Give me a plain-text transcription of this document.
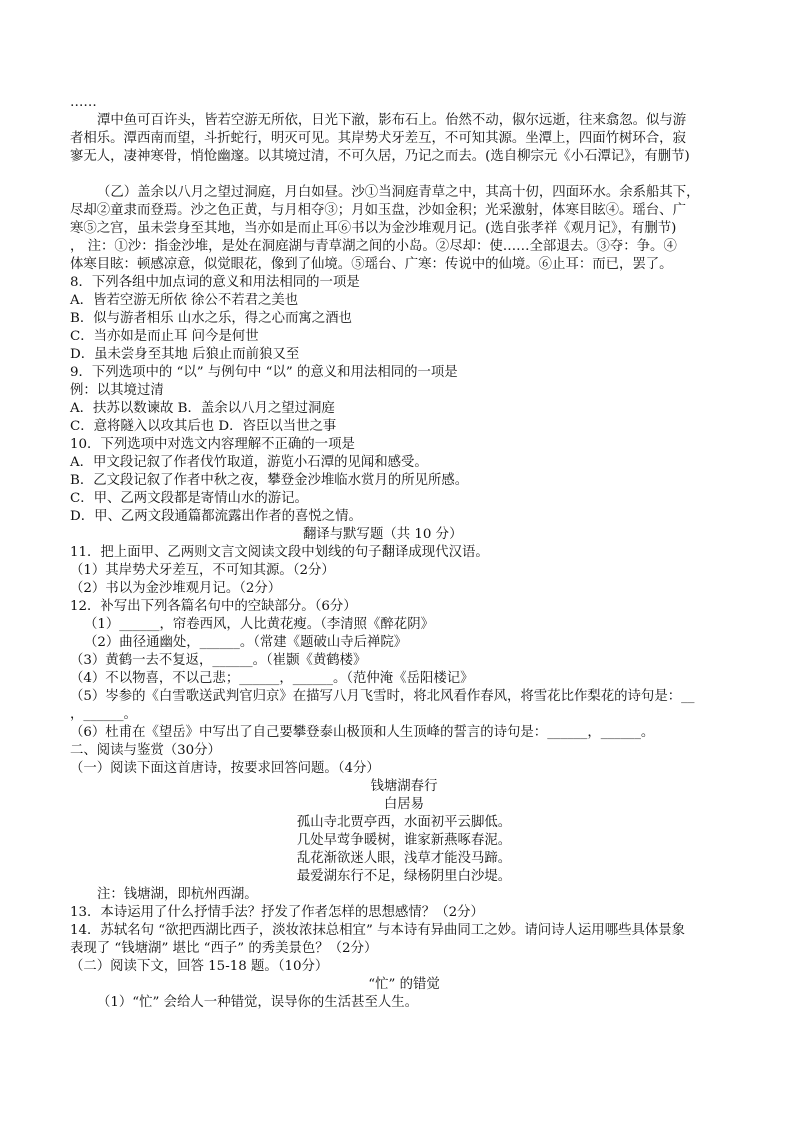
……
潭中鱼可百许头，皆若空游无所依，日光下澈，影布石上。佁然不动，俶尔远逝，往来翕忽。似与游
者相乐。潭西南而望，斗折蛇行，明灭可见。其岸势犬牙差互，不可知其源。坐潭上，四面竹树环合，寂
寥无人，凄神寒骨，悄怆幽邃。以其境过清，不可久居，乃记之而去。(选自柳宗元《小石潭记》，有删节)
（乙）盖余以八月之望过洞庭，月白如昼。沙①当洞庭青草之中，其高十仞，四面环水。余系船其下，
尽却②童隶而登焉。沙之色正黄，与月相夺③；月如玉盘，沙如金积；光采激射，体寒目眩④。瑶台、广
寒⑤之宫，虽未尝身至其地，当亦如是而止耳⑥书以为金沙堆观月记。(选自张孝祥《观月记》，有删节)
， 注：①沙：指金沙堆，是处在洞庭湖与青草湖之间的小岛。②尽却：使……全部退去。③夺：争。④
体寒目眩：顿感凉意，似觉眼花，像到了仙境。⑤瑶台、广寒：传说中的仙境。⑥止耳：而已，罢了。
8．下列各组中加点词的意义和用法相同的一项是
A．皆若空游无所依 徐公不若君之美也
B．似与游者相乐 山水之乐，得之心而寓之酒也
C．当亦如是而止耳 问今是何世
D．虽未尝身至其地 后狼止而前狼又至
9．下列选项中的 “以” 与例句中 “以” 的意义和用法相同的一项是
例：以其境过清
A．扶苏以数谏故 B．盖余以八月之望过洞庭
C．意将隧入以攻其后也 D．咨臣以当世之事
10．下列选项中对选文内容理解不正确的一项是
A．甲文段记叙了作者伐竹取道，游览小石潭的见闻和感受。
B．乙文段记叙了作者中秋之夜，攀登金沙堆临水赏月的所见所感。
C．甲、乙两文段都是寄情山水的游记。
D．甲、乙两文段通篇都流露出作者的喜悦之情。
翻译与默写题（共 10 分）
11．把上面甲、乙两则文言文阅读文段中划线的句子翻译成现代汉语。
（1）其岸势犬牙差互，不可知其源。（2分）
（2）书以为金沙堆观月记。（2分）
12．补写出下列各篇名句中的空缺部分。（6分）
（1）______，帘卷西风，人比黄花瘦。（李清照《醉花阴》
（2）曲径通幽处，______。（常建《题破山寺后禅院》
（3）黄鹤一去不复返，______。（崔颢《黄鹤楼》
（4）不以物喜，不以己悲；______，______。（范仲淹《岳阳楼记》
（5）岑参的《白雪歌送武判官归京》在描写八月飞雪时，将北风看作春风，将雪花比作梨花的诗句是：__
，______。
（6）杜甫在《望岳》中写出了自己要攀登泰山极顶和人生顶峰的誓言的诗句是：______，______。
二、阅读与鉴赏（30分）
（一）阅读下面这首唐诗，按要求回答问题。（4分）
钱塘湖春行
白居易
孤山寺北贾亭西，水面初平云脚低。
几处早莺争暖树，谁家新燕啄春泥。
乱花渐欲迷人眼，浅草才能没马蹄。
最爱湖东行不足，绿杨阴里白沙堤。
注：钱塘湖，即杭州西湖。
13．本诗运用了什么抒情手法？抒发了作者怎样的思想感情？（2分）
14．苏轼名句 “欲把西湖比西子，淡妆浓抹总相宜” 与本诗有异曲同工之妙。请问诗人运用哪些具体景象
表现了 “钱塘湖” 堪比 “西子” 的秀美景色？（2分）
（二）阅读下文，回答 15-18 题。（10分）
“忙” 的错觉
（1）“忙” 会给人一种错觉，误导你的生活甚至人生。
